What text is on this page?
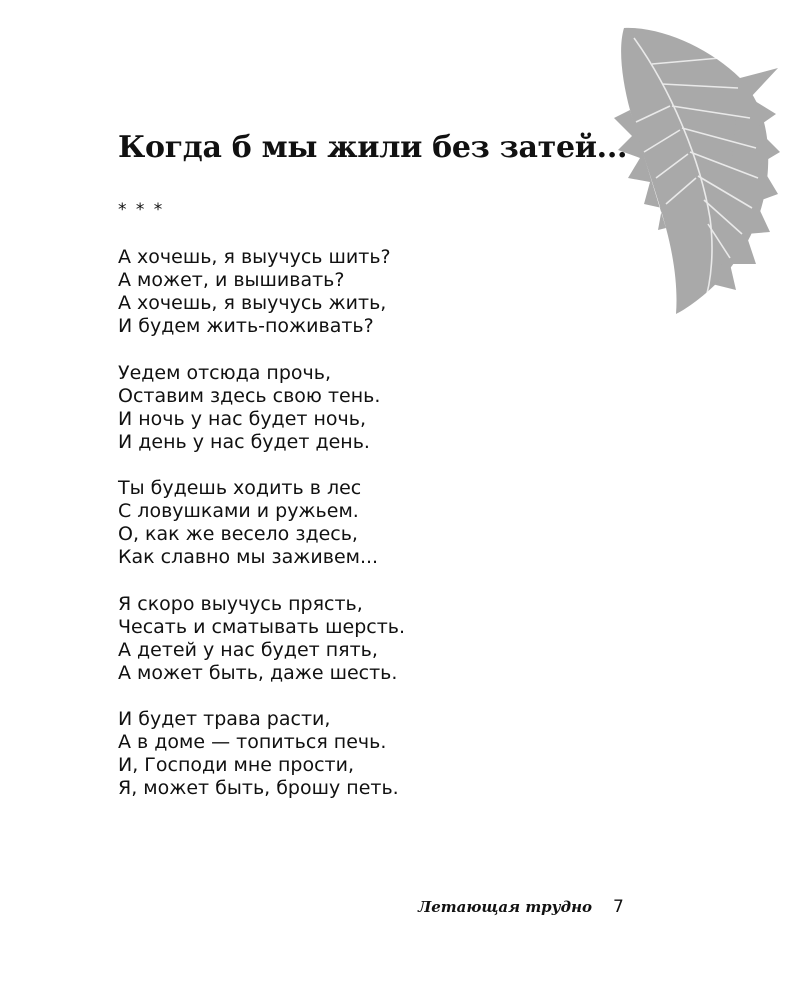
Когда б мы жили без затей...
* * *
А хочешь, я выучусь шить?
А может, и вышивать?
А хочешь, я выучусь жить,
И будем жить-поживать?
Уедем отсюда прочь,
Оставим здесь свою тень.
И ночь у нас будет ночь,
И день у нас будет день.
Ты будешь ходить в лес
С ловушками и ружьем.
О, как же весело здесь,
Как славно мы заживем...
Я скоро выучусь прясть,
Чесать и сматывать шерсть.
А детей у нас будет пять,
А может быть, даже шесть.
И будет трава расти,
А в доме — топиться печь.
И, Господи мне прости,
Я, может быть, брошу петь.
Летающая трудно 7
